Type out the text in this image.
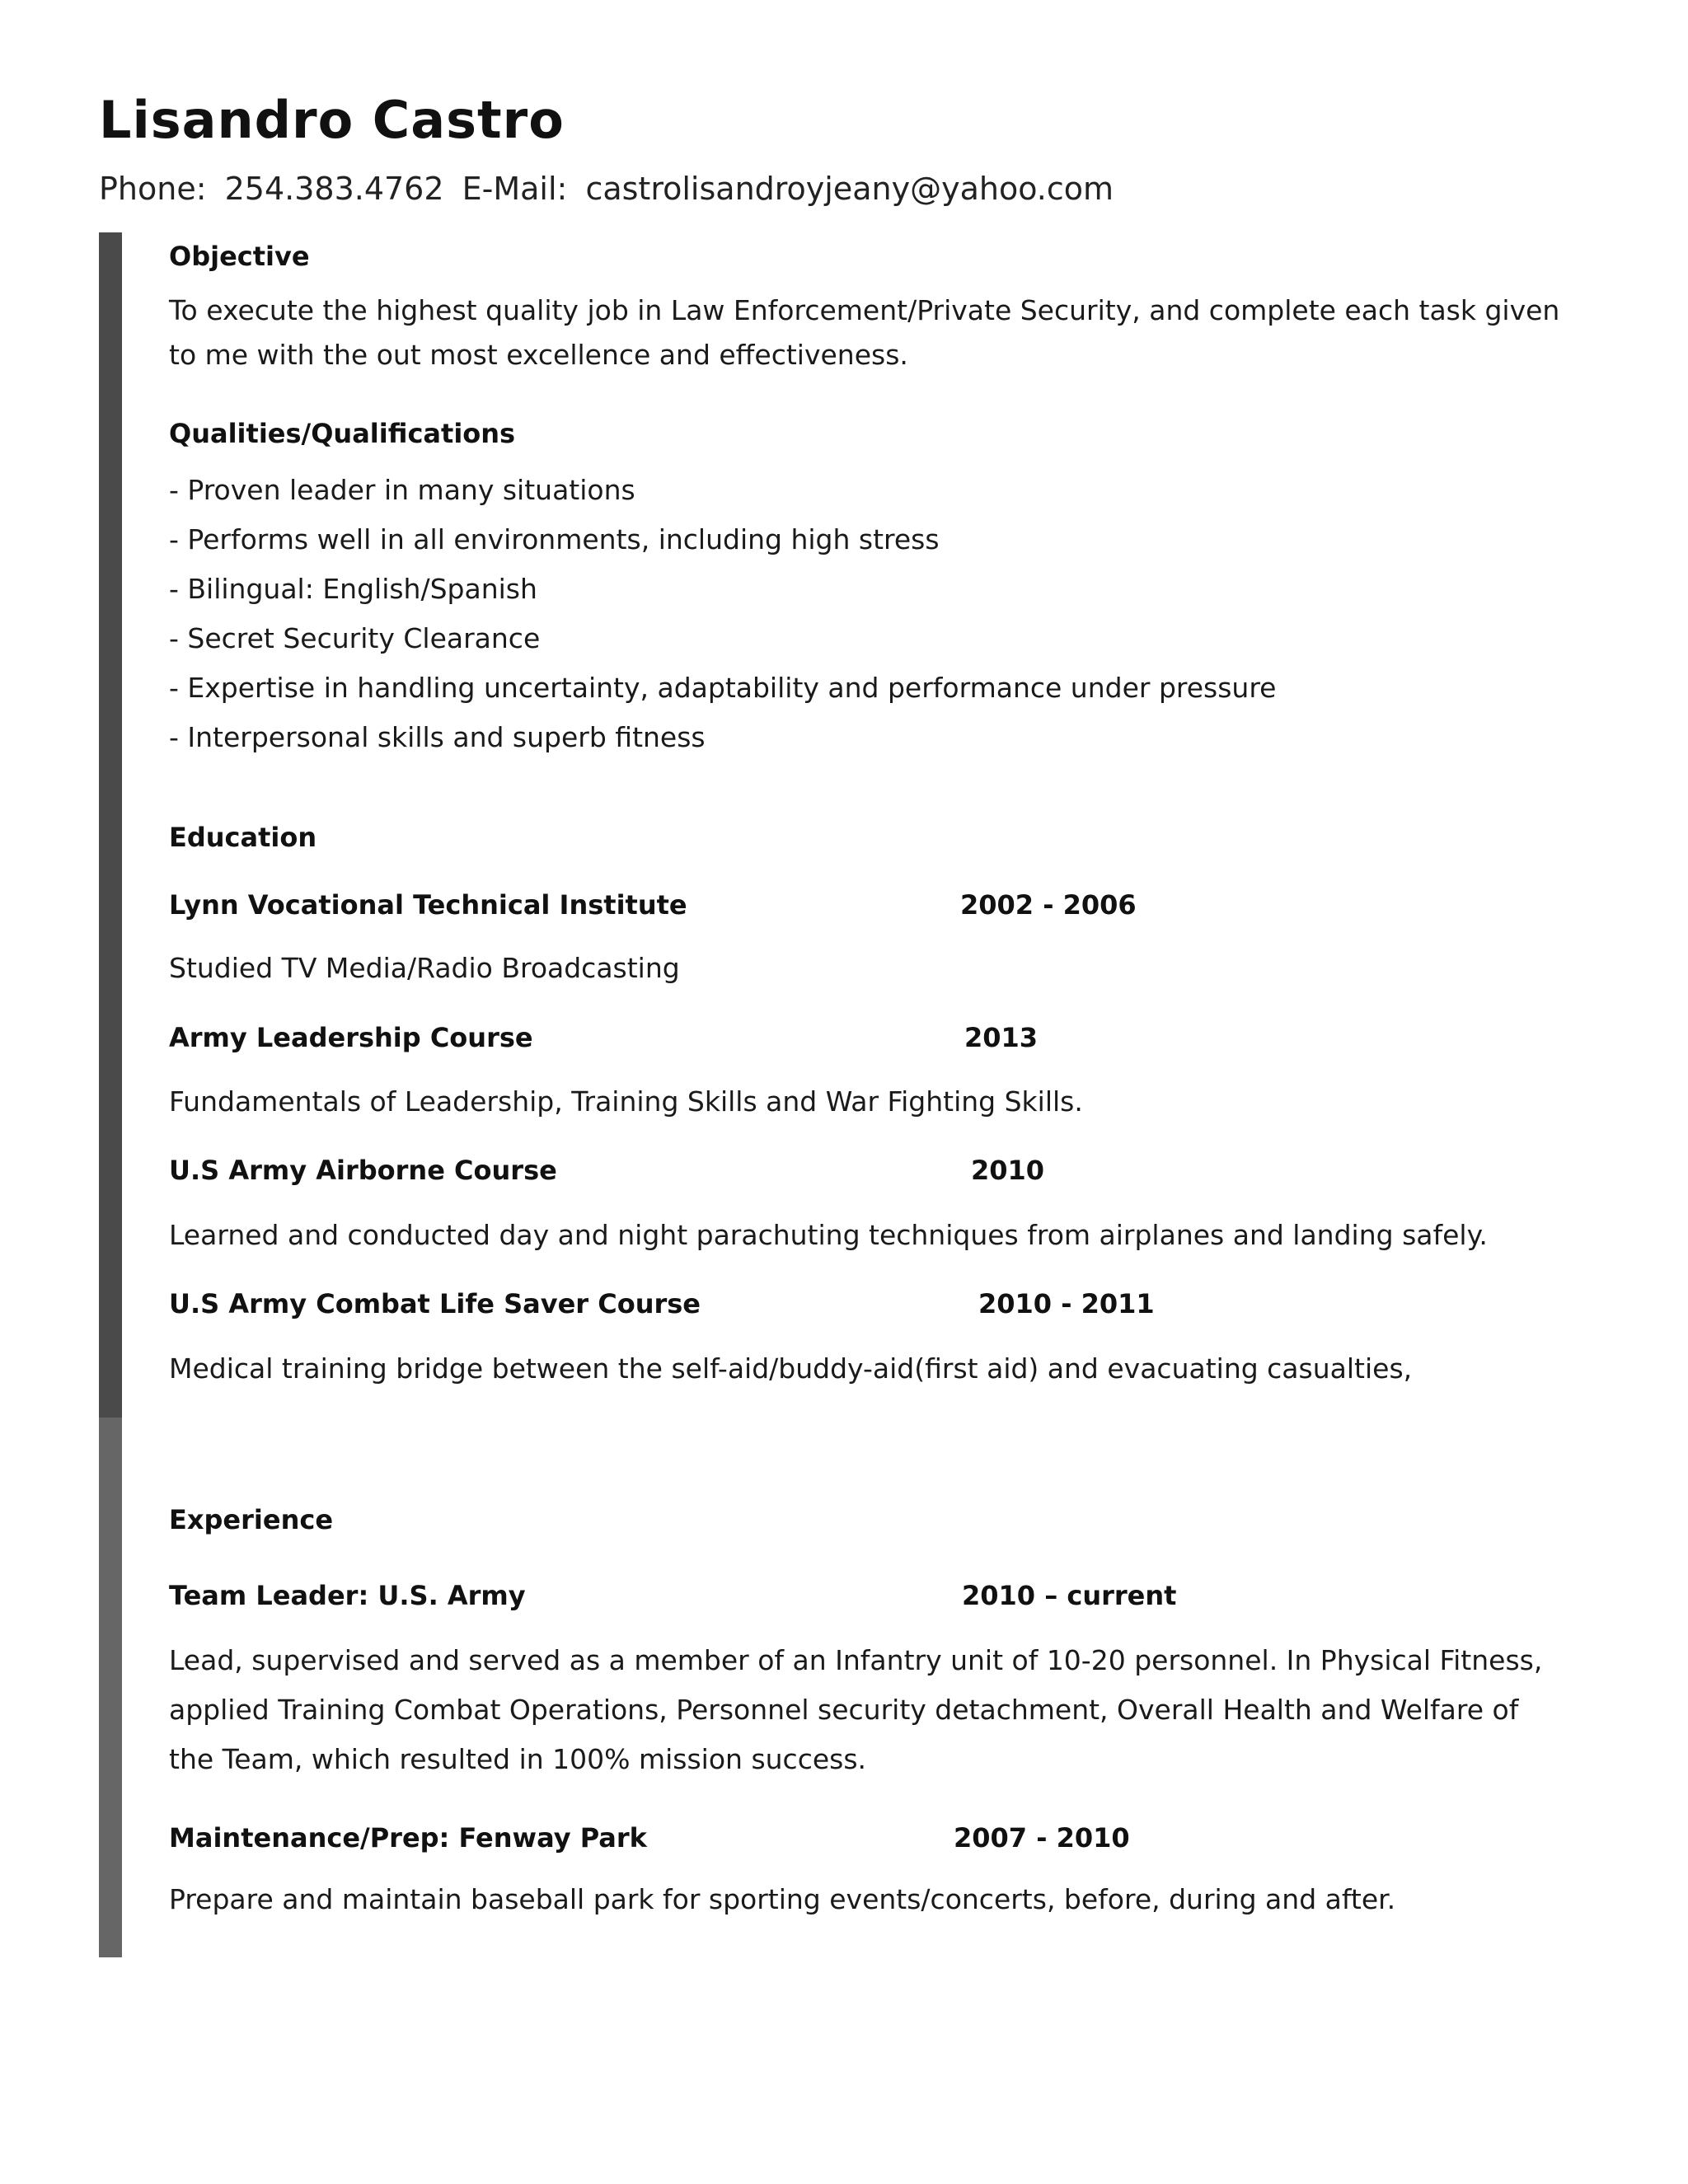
Lisandro Castro
Phone: 254.383.4762 E-Mail: castrolisandroyjeany@yahoo.com
Objective
To execute the highest quality job in Law Enforcement/Private Security, and complete each task given to me with the out most excellence and effectiveness.
Qualities/Qualifications
- Proven leader in many situations
- Performs well in all environments, including high stress
- Bilingual: English/Spanish
- Secret Security Clearance
- Expertise in handling uncertainty, adaptability and performance under pressure
- Interpersonal skills and superb fitness
Education
Lynn Vocational Technical Institute	2002 - 2006
Studied TV Media/Radio Broadcasting
Army Leadership Course	2013
Fundamentals of Leadership, Training Skills and War Fighting Skills.
U.S Army Airborne Course	2010
Learned and conducted day and night parachuting techniques from airplanes and landing safely.
U.S Army Combat Life Saver Course	2010 - 2011
Medical training bridge between the self-aid/buddy-aid(first aid) and evacuating casualties,
Experience
Team Leader: U.S. Army	2010 – current
Lead, supervised and served as a member of an Infantry unit of 10-20 personnel. In Physical Fitness, applied Training Combat Operations, Personnel security detachment, Overall Health and Welfare of the Team, which resulted in 100% mission success.
Maintenance/Prep: Fenway Park	2007 - 2010
Prepare and maintain baseball park for sporting events/concerts, before, during and after.
